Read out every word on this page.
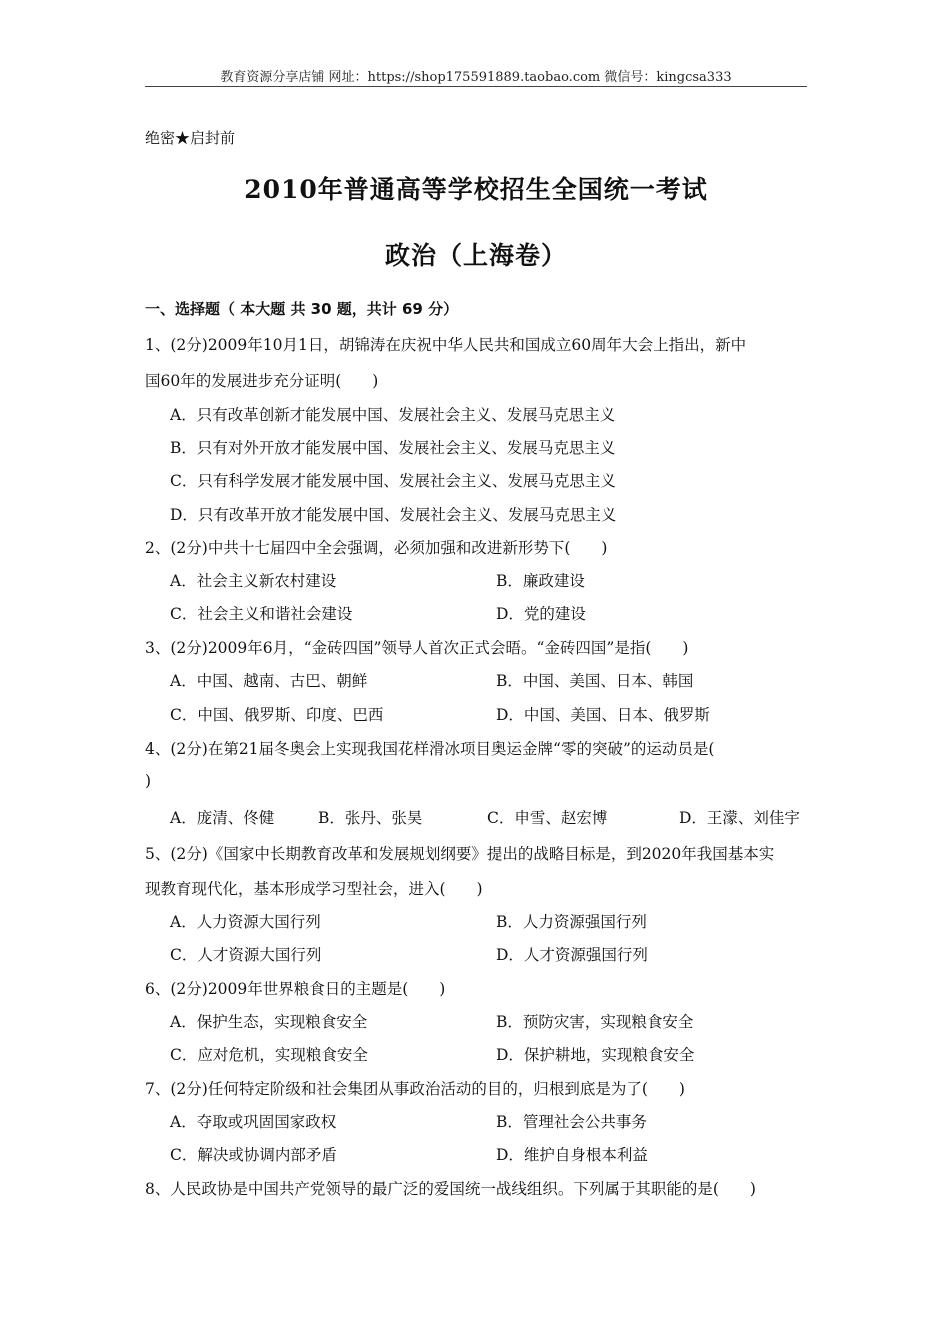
教育资源分享店铺 网址：https://shop175591889.taobao.com 微信号：kingcsa333
绝密★启封前
2010年普通高等学校招生全国统一考试
政治（上海卷）
一、选择题（ 本大题 共 30 题，共计 69 分）
1、(2分)2009年10月1日，胡锦涛在庆祝中华人民共和国成立60周年大会上指出，新中
国60年的发展进步充分证明(　　)
A．只有改革创新才能发展中国、发展社会主义、发展马克思主义
B．只有对外开放才能发展中国、发展社会主义、发展马克思主义
C．只有科学发展才能发展中国、发展社会主义、发展马克思主义
D．只有改革开放才能发展中国、发展社会主义、发展马克思主义
2、(2分)中共十七届四中全会强调，必须加强和改进新形势下(　　)
A．社会主义新农村建设	B．廉政建设
C．社会主义和谐社会建设	D．党的建设
3、(2分)2009年6月，“金砖四国”领导人首次正式会晤。“金砖四国”是指(　　)
A．中国、越南、古巴、朝鲜	B．中国、美国、日本、韩国
C．中国、俄罗斯、印度、巴西	D．中国、美国、日本、俄罗斯
4、(2分)在第21届冬奥会上实现我国花样滑冰项目奥运金牌“零的突破”的运动员是(
)
A．庞清、佟健	B．张丹、张昊	C．申雪、赵宏博	D．王濛、刘佳宇
5、(2分)《国家中长期教育改革和发展规划纲要》提出的战略目标是，到2020年我国基本实
现教育现代化，基本形成学习型社会，进入(　　)
A．人力资源大国行列	B．人力资源强国行列
C．人才资源大国行列	D．人才资源强国行列
6、(2分)2009年世界粮食日的主题是(　　)
A．保护生态，实现粮食安全	B．预防灾害，实现粮食安全
C．应对危机，实现粮食安全	D．保护耕地，实现粮食安全
7、(2分)任何特定阶级和社会集团从事政治活动的目的，归根到底是为了(　　)
A．夺取或巩固国家政权	B．管理社会公共事务
C．解决或协调内部矛盾	D．维护自身根本利益
8、人民政协是中国共产党领导的最广泛的爱国统一战线组织。下列属于其职能的是(　　)
